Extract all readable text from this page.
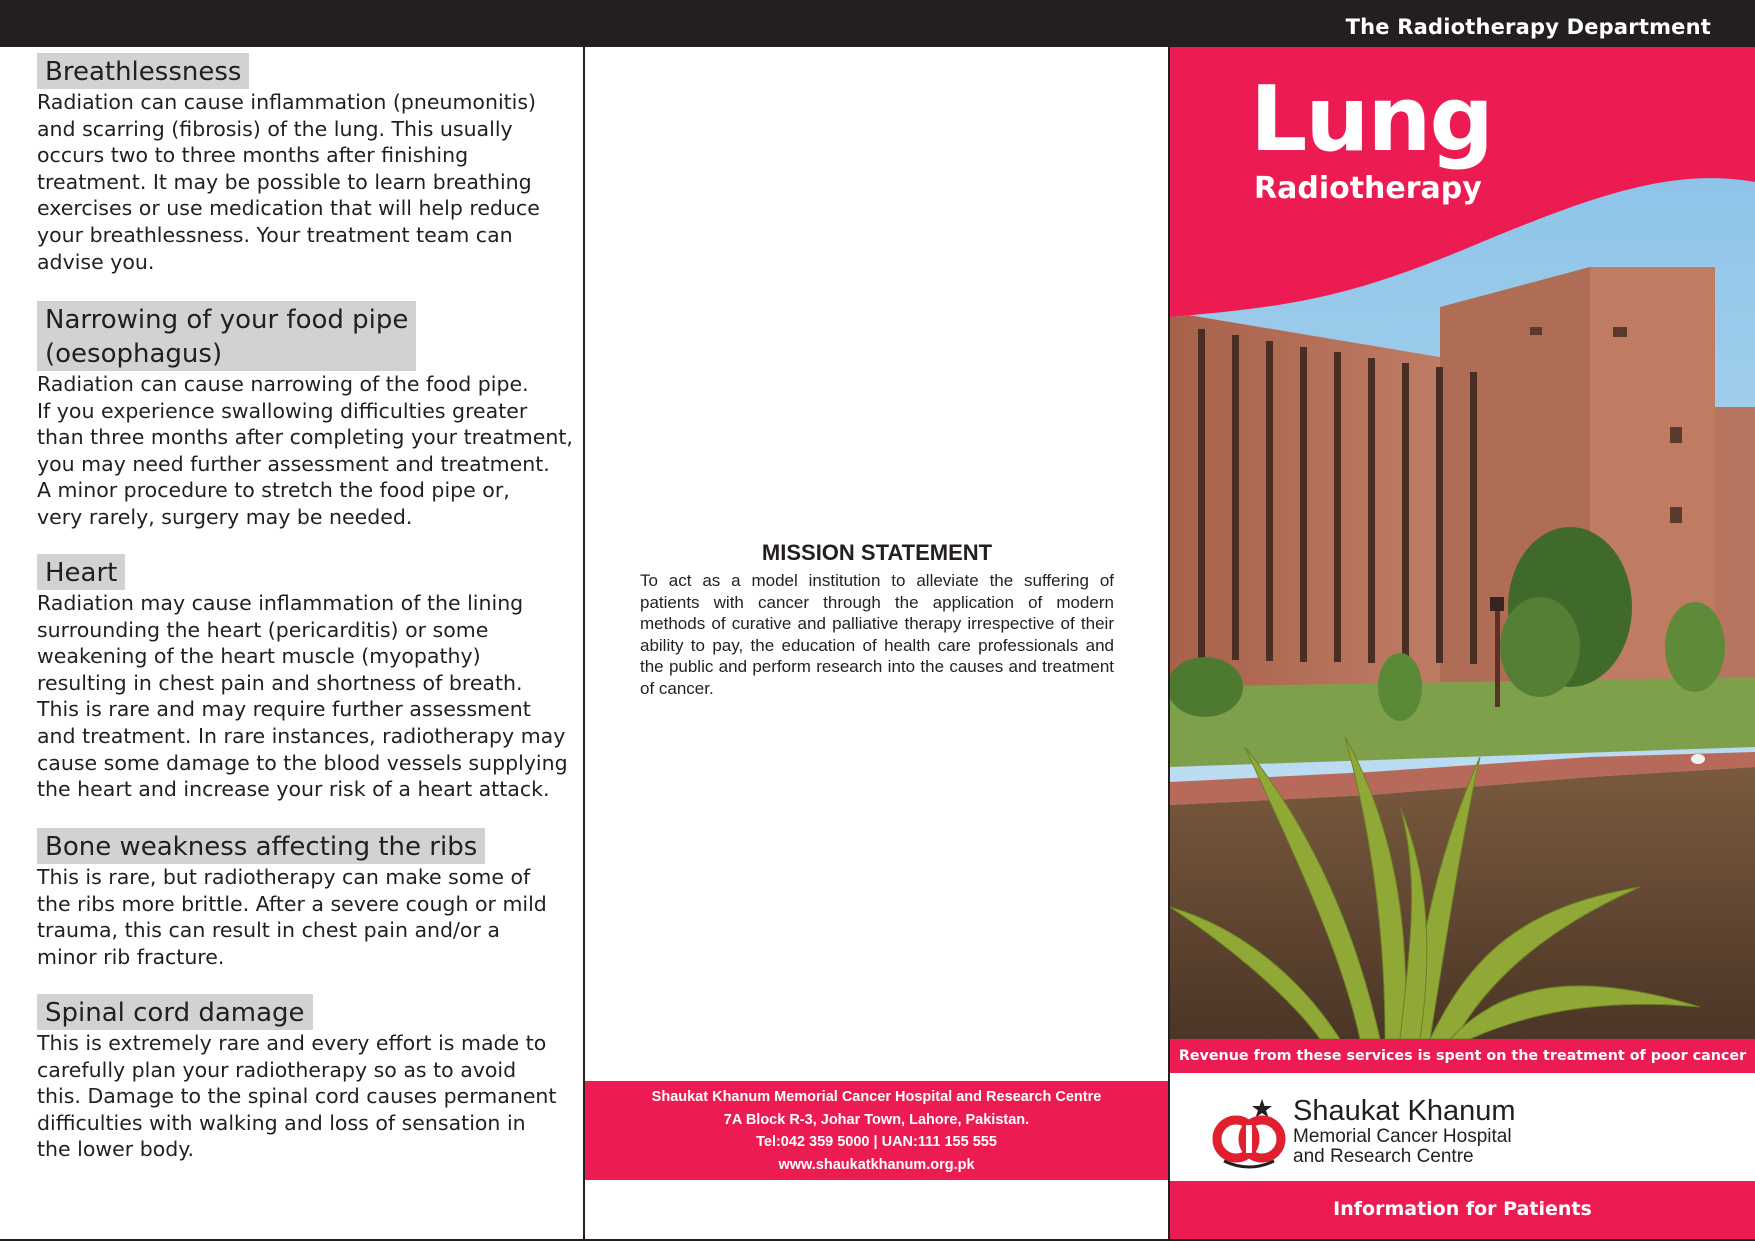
The Radiotherapy Department
Breathlessness

Radiation can cause inflammation (pneumonitis)
and scarring (fibrosis) of the lung. This usually
occurs two to three months after finishing
treatment. It may be possible to learn breathing
exercises or use medication that will help reduce
your breathlessness. Your treatment team can
advise you.

Narrowing of your food pipe
(oesophagus)

Radiation can cause narrowing of the food pipe.
If you experience swallowing difficulties greater
than three months after completing your treatment,
you may need further assessment and treatment.
A minor procedure to stretch the food pipe or,
very rarely, surgery may be needed.

Heart

Radiation may cause inflammation of the lining
surrounding the heart (pericarditis) or some
weakening of the heart muscle (myopathy)
resulting in chest pain and shortness of breath.
This is rare and may require further assessment
and treatment. In rare instances, radiotherapy may
cause some damage to the blood vessels supplying
the heart and increase your risk of a heart attack.

Bone weakness affecting the ribs

This is rare, but radiotherapy can make some of
the ribs more brittle. After a severe cough or mild
trauma, this can result in chest pain and/or a
minor rib fracture.

Spinal cord damage

This is extremely rare and every effort is made to
carefully plan your radiotherapy so as to avoid
this. Damage to the spinal cord causes permanent
difficulties with walking and loss of sensation in
the lower body.

MISSION STATEMENT

To act as a model institution to alleviate the suffering of patients with cancer through the application of modern methods of curative and palliative therapy irrespective of their ability to pay, the education of health care professionals and the public and perform research into the causes and treatment of cancer.

Shaukat Khanum Memorial Cancer Hospital and Research Centre
7A Block R-3, Johar Town, Lahore, Pakistan.
Tel:042 359 5000 | UAN:111 155 555
www.shaukatkhanum.org.pk
Lung
Radiotherapy
Revenue from these services is spent on the treatment of poor cancer patients.
Shaukat Khanum
Memorial Cancer Hospital
and Research Centre
Information for Patients
